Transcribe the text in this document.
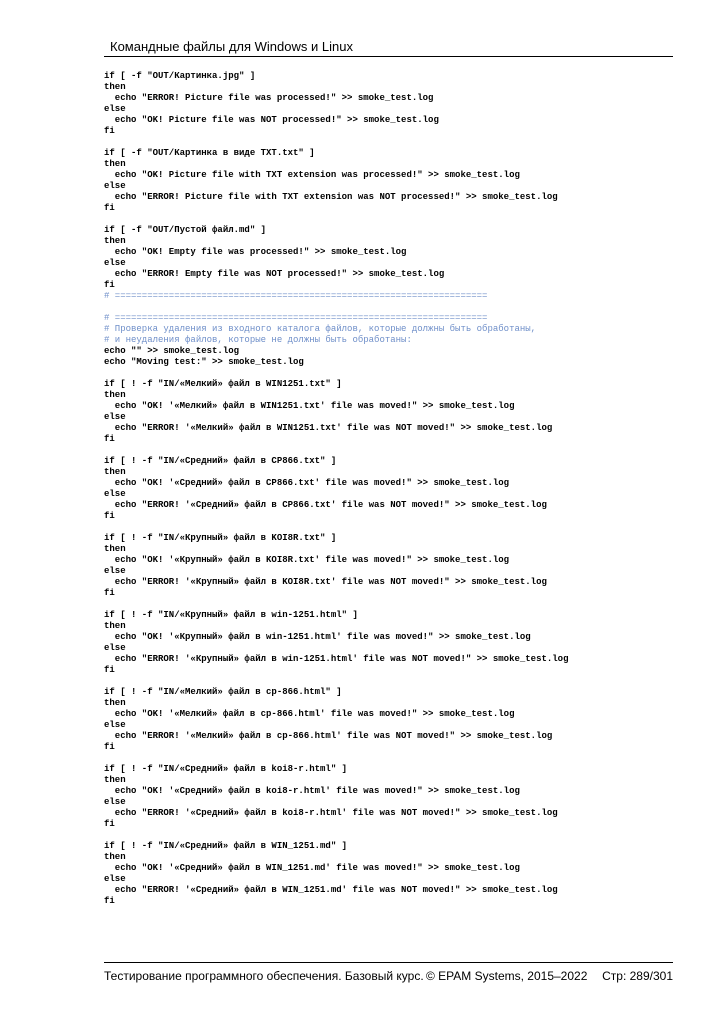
Командные файлы для Windows и Linux
if [ -f "OUT/Картинка.jpg" ]
then
echo "ERROR! Picture file was processed!" >> smoke_test.log
else
echo "OK! Picture file was NOT processed!" >> smoke_test.log
fi
if [ -f "OUT/Картинка в виде TXT.txt" ]
then
echo "OK! Picture file with TXT extension was processed!" >> smoke_test.log
else
echo "ERROR! Picture file with TXT extension was NOT processed!" >> smoke_test.log
fi
if [ -f "OUT/Пустой файл.md" ]
then
echo "OK! Empty file was processed!" >> smoke_test.log
else
echo "ERROR! Empty file was NOT processed!" >> smoke_test.log
fi
# =====================================================================
# =====================================================================
# Проверка удаления из входного каталога файлов, которые должны быть обработаны,
# и неудаления файлов, которые не должны быть обработаны:
echo "" >> smoke_test.log
echo "Moving test:" >> smoke_test.log
if [ ! -f "IN/«Мелкий» файл в WIN1251.txt" ]
then
echo "OK! '«Мелкий» файл в WIN1251.txt' file was moved!" >> smoke_test.log
else
echo "ERROR! '«Мелкий» файл в WIN1251.txt' file was NOT moved!" >> smoke_test.log
fi
if [ ! -f "IN/«Средний» файл в CP866.txt" ]
then
echo "OK! '«Средний» файл в CP866.txt' file was moved!" >> smoke_test.log
else
echo "ERROR! '«Средний» файл в CP866.txt' file was NOT moved!" >> smoke_test.log
fi
if [ ! -f "IN/«Крупный» файл в KOI8R.txt" ]
then
echo "OK! '«Крупный» файл в KOI8R.txt' file was moved!" >> smoke_test.log
else
echo "ERROR! '«Крупный» файл в KOI8R.txt' file was NOT moved!" >> smoke_test.log
fi
if [ ! -f "IN/«Крупный» файл в win-1251.html" ]
then
echo "OK! '«Крупный» файл в win-1251.html' file was moved!" >> smoke_test.log
else
echo "ERROR! '«Крупный» файл в win-1251.html' file was NOT moved!" >> smoke_test.log
fi
if [ ! -f "IN/«Мелкий» файл в cp-866.html" ]
then
echo "OK! '«Мелкий» файл в cp-866.html' file was moved!" >> smoke_test.log
else
echo "ERROR! '«Мелкий» файл в cp-866.html' file was NOT moved!" >> smoke_test.log
fi
if [ ! -f "IN/«Средний» файл в koi8-r.html" ]
then
echo "OK! '«Средний» файл в koi8-r.html' file was moved!" >> smoke_test.log
else
echo "ERROR! '«Средний» файл в koi8-r.html' file was NOT moved!" >> smoke_test.log
fi
if [ ! -f "IN/«Средний» файл в WIN_1251.md" ]
then
echo "OK! '«Средний» файл в WIN_1251.md' file was moved!" >> smoke_test.log
else
echo "ERROR! '«Средний» файл в WIN_1251.md' file was NOT moved!" >> smoke_test.log
fi
Тестирование программного обеспечения. Базовый курс. © EPAM Systems, 2015–2022 Стр: 289/301
